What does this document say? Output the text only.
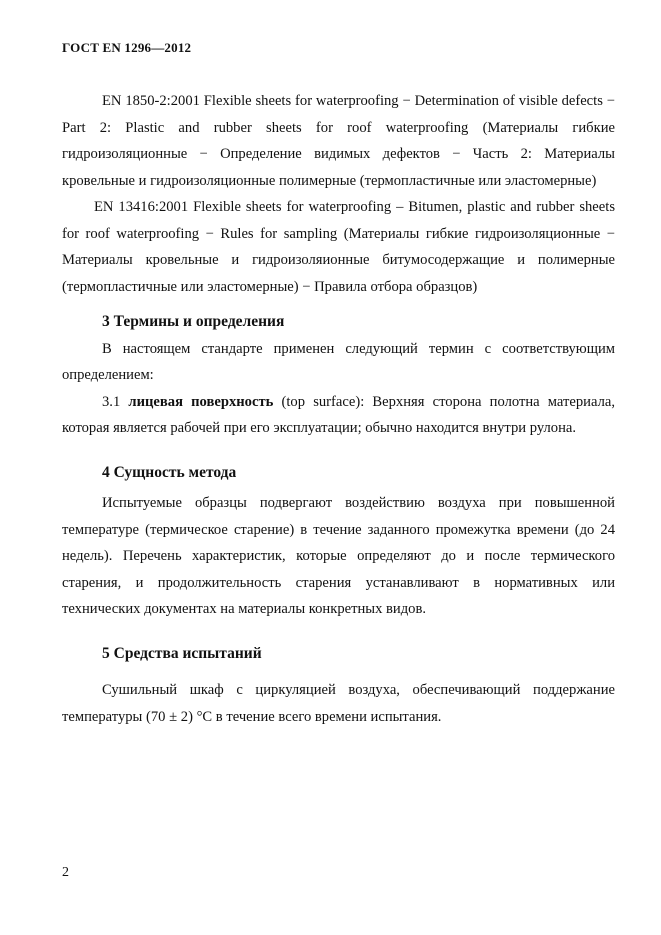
ГОСТ EN 1296—2012

EN 1850-2:2001 Flexible sheets for waterproofing − Determination of visible defects − Part 2: Plastic and rubber sheets for roof waterproofing (Материалы гибкие гидроизоляционные − Определение видимых дефектов − Часть 2: Материалы кровельные и гидроизоляционные полимерные (термопластичные или эластомерные)

EN 13416:2001 Flexible sheets for waterproofing – Bitumen, plastic and rubber sheets for roof waterproofing − Rules for sampling (Материалы гибкие гидроизоляционные − Материалы кровельные и гидроизоляионные битумосодержащие и полимерные (термопластичные или эластомерные) − Правила отбора образцов)

3 Термины и определения

В настоящем стандарте применен следующий термин с соответствующим определением:

3.1 лицевая поверхность (top surface): Верхняя сторона полотна материала, которая является рабочей при его эксплуатации; обычно находится внутри рулона.

4 Сущность метода

Испытуемые образцы подвергают воздействию воздуха при повышенной температуре (термическое старение) в течение заданного промежутка времени (до 24 недель). Перечень характеристик, которые определяют до и после термического старения, и продолжительность старения устанавливают в нормативных или технических документах на материалы конкретных видов.

5 Средства испытаний

Сушильный шкаф с циркуляцией воздуха, обеспечивающий поддержание температуры (70 ± 2) °С в течение всего времени испытания.

2
